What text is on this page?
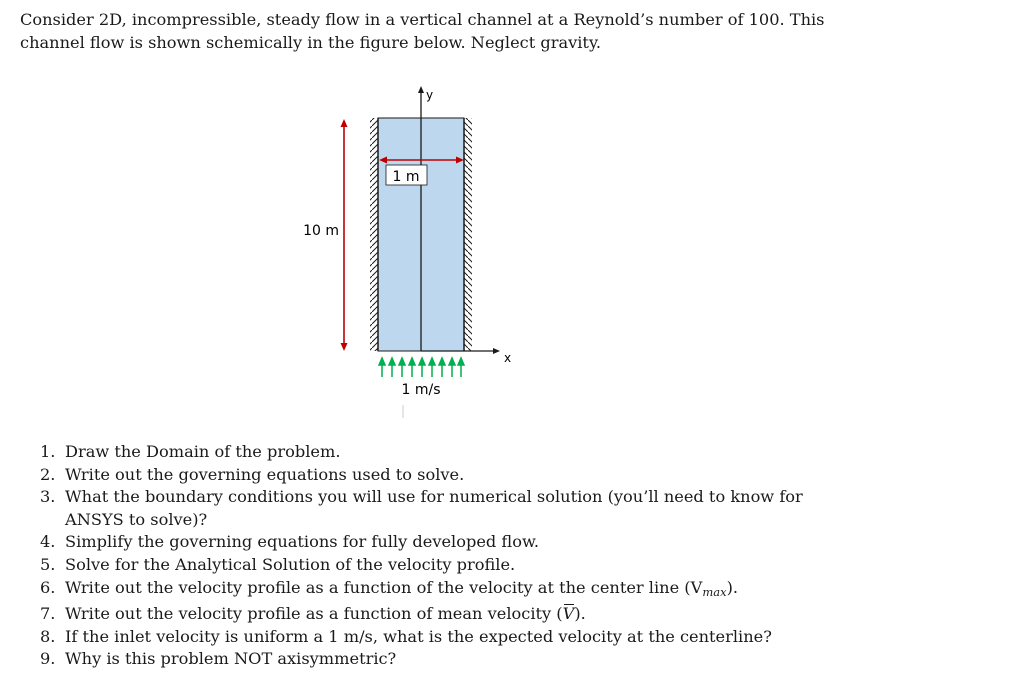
Consider 2D, incompressible, steady flow in a vertical channel at a Reynold’s number of 100. This
channel flow is shown schemically in the figure below. Neglect gravity.

y
x
1 m
10 m
1 m/s
1. Draw the Domain of the problem.
2. Write out the governing equations used to solve.
3. What the boundary conditions you will use for numerical solution (you’ll need to know for
ANSYS to solve)?
4. Simplify the governing equations for fully developed flow.
5. Solve for the Analytical Solution of the velocity profile.
6. Write out the velocity profile as a function of the velocity at the center line $(V_{max})$.
7. Write out the velocity profile as a function of mean velocity (V).
8. If the inlet velocity is uniform a 1 m/s, what is the expected velocity at the centerline?
9. Why is this problem NOT axisymmetric?
